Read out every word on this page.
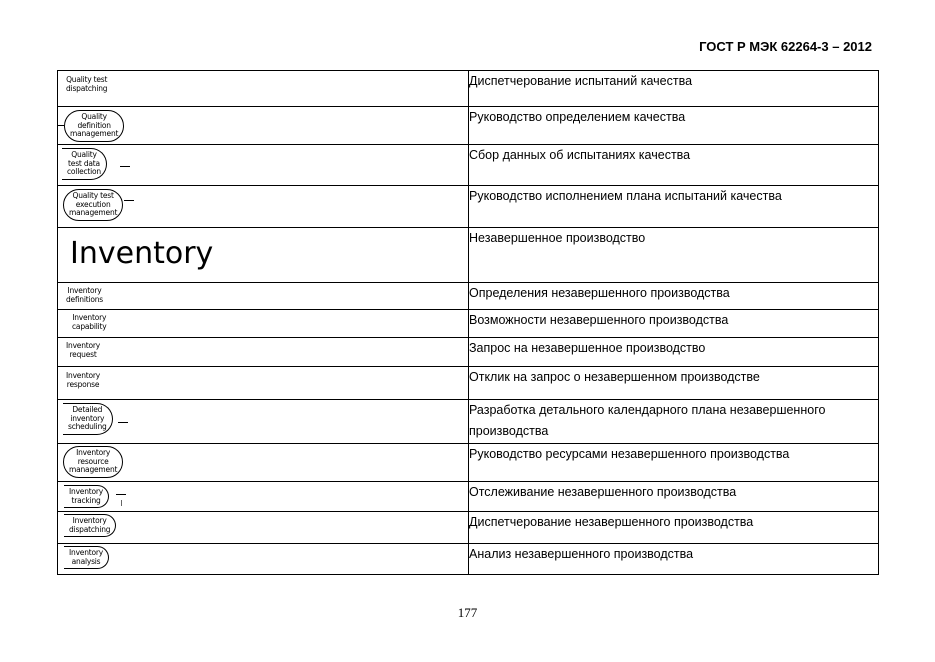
ГОСТ Р МЭК 62264-3 – 2012
Quality test
dispatching	Диспетчерование испытаний качества

Quality
definition
management	Руководство определением качества

Quality
test data
collection	Сбор данных об испытаниях качества

Quality test
execution
management	Руководство исполнением плана испытаний качества

Inventory	Незавершенное производство

Inventory
definitions	Определения незавершенного производства

Inventory
capability	Возможности незавершенного производства

Inventory
request	Запрос на незавершенное производство

Inventory
response	Отклик на запрос о незавершенном производстве

Detailed
inventory
scheduling	Разработка детального календарного плана незавершенного производства

Inventory
resource
management	Руководство ресурсами незавершенного производства

Inventory
tracking	Отслеживание незавершенного производства

Inventory
dispatching	Диспетчерование незавершенного производства

Inventory
analysis	Анализ незавершенного производства
177
